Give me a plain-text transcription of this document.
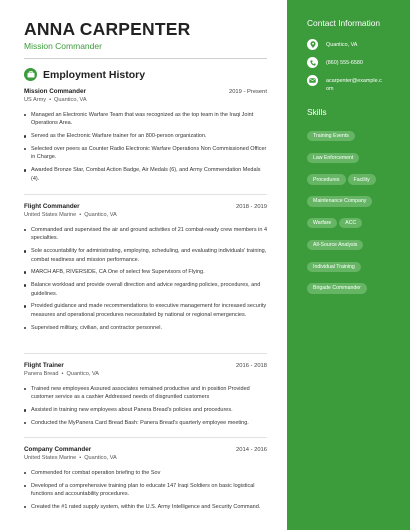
ANNA CARPENTER
Mission Commander
Employment History
Mission Commander	2019 - Present
US Army • Quantico, VA
Managed an Electronic Warfare Team that was recognized as the top team in the Iraqi Joint Operations Area.
Served as the Electronic Warfare trainer for an 800-person organization.
Selected over peers as Counter Radio Electronic Warfare Operations Non Commissioned Officer in Charge.
Awarded Bronze Star, Combat Action Badge, Air Medals (6), and Army Commendation Medals (4).
Flight Commander	2018 - 2019
United States Marine • Quantico, VA
Commanded and supervised the air and ground activities of 21 combat-ready crew members in 4 specialties.
Sole accountability for administrating, employing, scheduling, and evaluating individuals' training, combat readiness and mission performance.
MARCH AFB, RIVERSIDE, CA One of select few Supervisors of Flying.
Balance workload and provide overall direction and advice regarding policies, procedures, and guidelines.
Provided guidance and made recommendations to executive management for increased security measures and operational procedures necessitated by national or regional emergencies.
Supervised military, civilian, and contractor personnel.
Flight Trainer	2016 - 2018
Panera Bread • Quantico, VA
Trained new employees Assured associates remained productive and in position Provided customer service as a cashier Addressed needs of disgruntled customers
Assisted in training new employees about Panera Bread's policies and procedures.
Conducted the MyPanera Card Bread Bash: Panera Bread's quarterly employee meeting.
Company Commander	2014 - 2016
United States Marine • Quantico, VA
Commended for combat operation briefing to the Sov
Developed of a comprehensive training plan to educate 147 Iraqi Soldiers on basic logistical functions and accountability procedures.
Created the #1 rated supply system, within the U.S. Army Intelligence and Security Command.
Contact Information
Quantico, VA
(860) 555-6580
acarpenter@example.c
om
Skills
Training Events
Law Enforcement
Procedures	Facility
Maintenance Company
Warfare	ACC
All-Source Analysis
Individual Training
Brigade Commander
